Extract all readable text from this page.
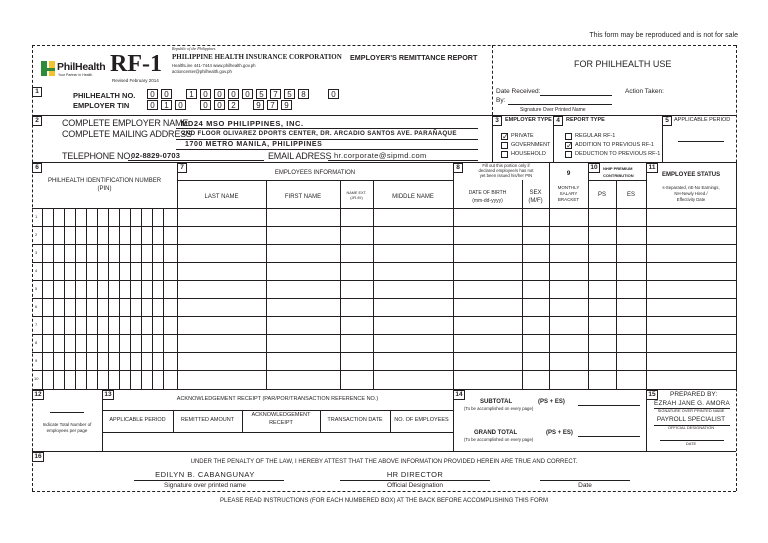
This form may be reproduced and is not for sale
PhilHealth
Your Partner in Health RF-1
Revised February 2014
Republic of the Philippines
PHILIPPINE HEALTH INSURANCE CORPORATION
HealthLine 441-7444 www.philhealth.gov.ph
actioncenter@philhealth.gov.ph
EMPLOYER'S REMITTANCE REPORT
FOR PHILHEALTH USE
1	PHILHEALTH NO.
EMPLOYER TIN
0	0	1	0	0	0	0	5	7	5	8	0
0	1	0	0	0	2	9	7	9
Date Received:
By:
Action Taken:
Signature Over Printed Name
2	COMPLETE EMPLOYER NAME
MD24 MSO PHILIPPINES, INC.
COMPLETE MAILING ADDRESS
2ND FLOOR OLIVAREZ DPORTS CENTER, DR. ARCADIO SANTOS AVE. PARAÑAQUE
1700 METRO MANILA, PHILIPPINES
TELEPHONE NO.
02-8829-0703	EMAIL ADRESS hr.corporate@sipmd.com
3	EMPLOYER TYPE
✓ PRIVATE
GOVERNMENT
HOUSEHOLD
4	REPORT TYPE
REGULAR RF-1
✓ ADDITION TO PREVIOUS RF-1
DEDUCTION TO PREVIOUS RF-1
5 APPLICABLE PERIOD
1
2
3
4
5
6
7
8
9
10
6
PHILHEALTH IDENTIFICATION NUMBER
(PIN)
7
EMPLOYEES INFORMATION
LAST NAME	FIRST NAME
NAME EXT.
(JR./III)	MIDDLE NAME
8	Fill out this portion only if
declared employee/s has not
yet been issued his/her PIN
DATE OF BIRTH
(mm-dd-yyyy)
SEX
(M/F)
9
MONTHLY
SALARY
BRACKET
10	NHIP PREMIUM
CONTRIBUTION
PS	ES
11
EMPLOYEE STATUS
s-Separated, nE-No Earnings,
NH-Newly Hired /
Effectivity Date
12
Indicate Total Number of
employees per page
13
ACKNOWLEDGEMENT RECEIPT (PAR/POR/TRANSACTION REFERENCE NO.)
APPLICABLE PERIOD	REMITTED AMOUNT
ACKNOWLEDGEMENT
RECEIPT	TRANSACTION DATE	NO. OF EMPLOYEES
14
SUBTOTAL	(PS + ES)
(To be accomplished on every page)
GRAND TOTAL	(PS + ES)
(To be accomplished on every page)
15	PREPARED BY:
EZRAH JANE G. AMORA
SIGNATURE OVER PRINTED NAME
PAYROLL SPECIALIST
OFFICIAL DESIGNATION
DATE
16
UNDER THE PENALTY OF THE LAW, I HEREBY ATTEST THAT THE ABOVE INFORMATION PROVIDED HEREIN ARE TRUE AND CORRECT.
EDILYN B. CABANGUNAY
Signature over printed name
HR DIRECTOR
Official Designation	Date
PLEASE READ INSTRUCTIONS (FOR EACH NUMBERED BOX) AT THE BACK BEFORE ACCOMPLISHING THIS FORM
